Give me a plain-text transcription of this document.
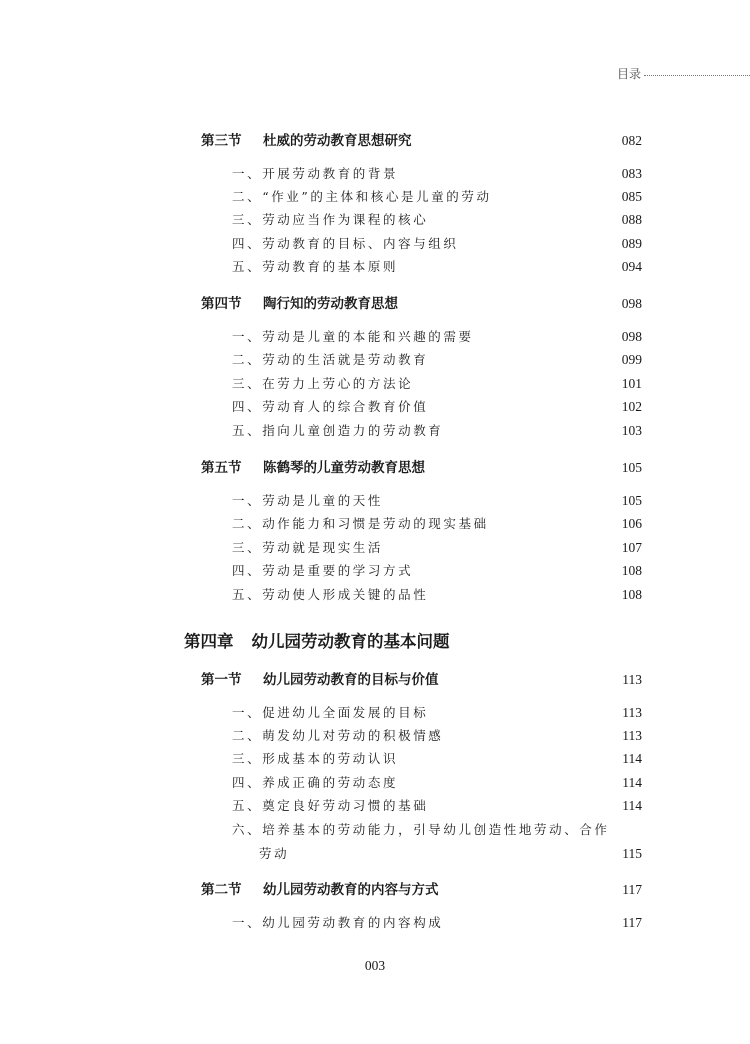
目录
第三节	杜威的劳动教育思想研究	082
一、开展劳动教育的背景	083
二、“作业”的主体和核心是儿童的劳动	085
三、劳动应当作为课程的核心	088
四、劳动教育的目标、内容与组织	089
五、劳动教育的基本原则	094
第四节	陶行知的劳动教育思想	098
一、劳动是儿童的本能和兴趣的需要	098
二、劳动的生活就是劳动教育	099
三、在劳力上劳心的方法论	101
四、劳动育人的综合教育价值	102
五、指向儿童创造力的劳动教育	103
第五节	陈鹤琴的儿童劳动教育思想	105
一、劳动是儿童的天性	105
二、动作能力和习惯是劳动的现实基础	106
三、劳动就是现实生活	107
四、劳动是重要的学习方式	108
五、劳动使人形成关键的品性	108
第四章 幼儿园劳动教育的基本问题
第一节	幼儿园劳动教育的目标与价值	113
一、促进幼儿全面发展的目标	113
二、萌发幼儿对劳动的积极情感	113
三、形成基本的劳动认识	114
四、养成正确的劳动态度	114
五、奠定良好劳动习惯的基础	114
六、培养基本的劳动能力，引导幼儿创造性地劳动、合作
劳动	115
第二节	幼儿园劳动教育的内容与方式	117
一、幼儿园劳动教育的内容构成	117
003
